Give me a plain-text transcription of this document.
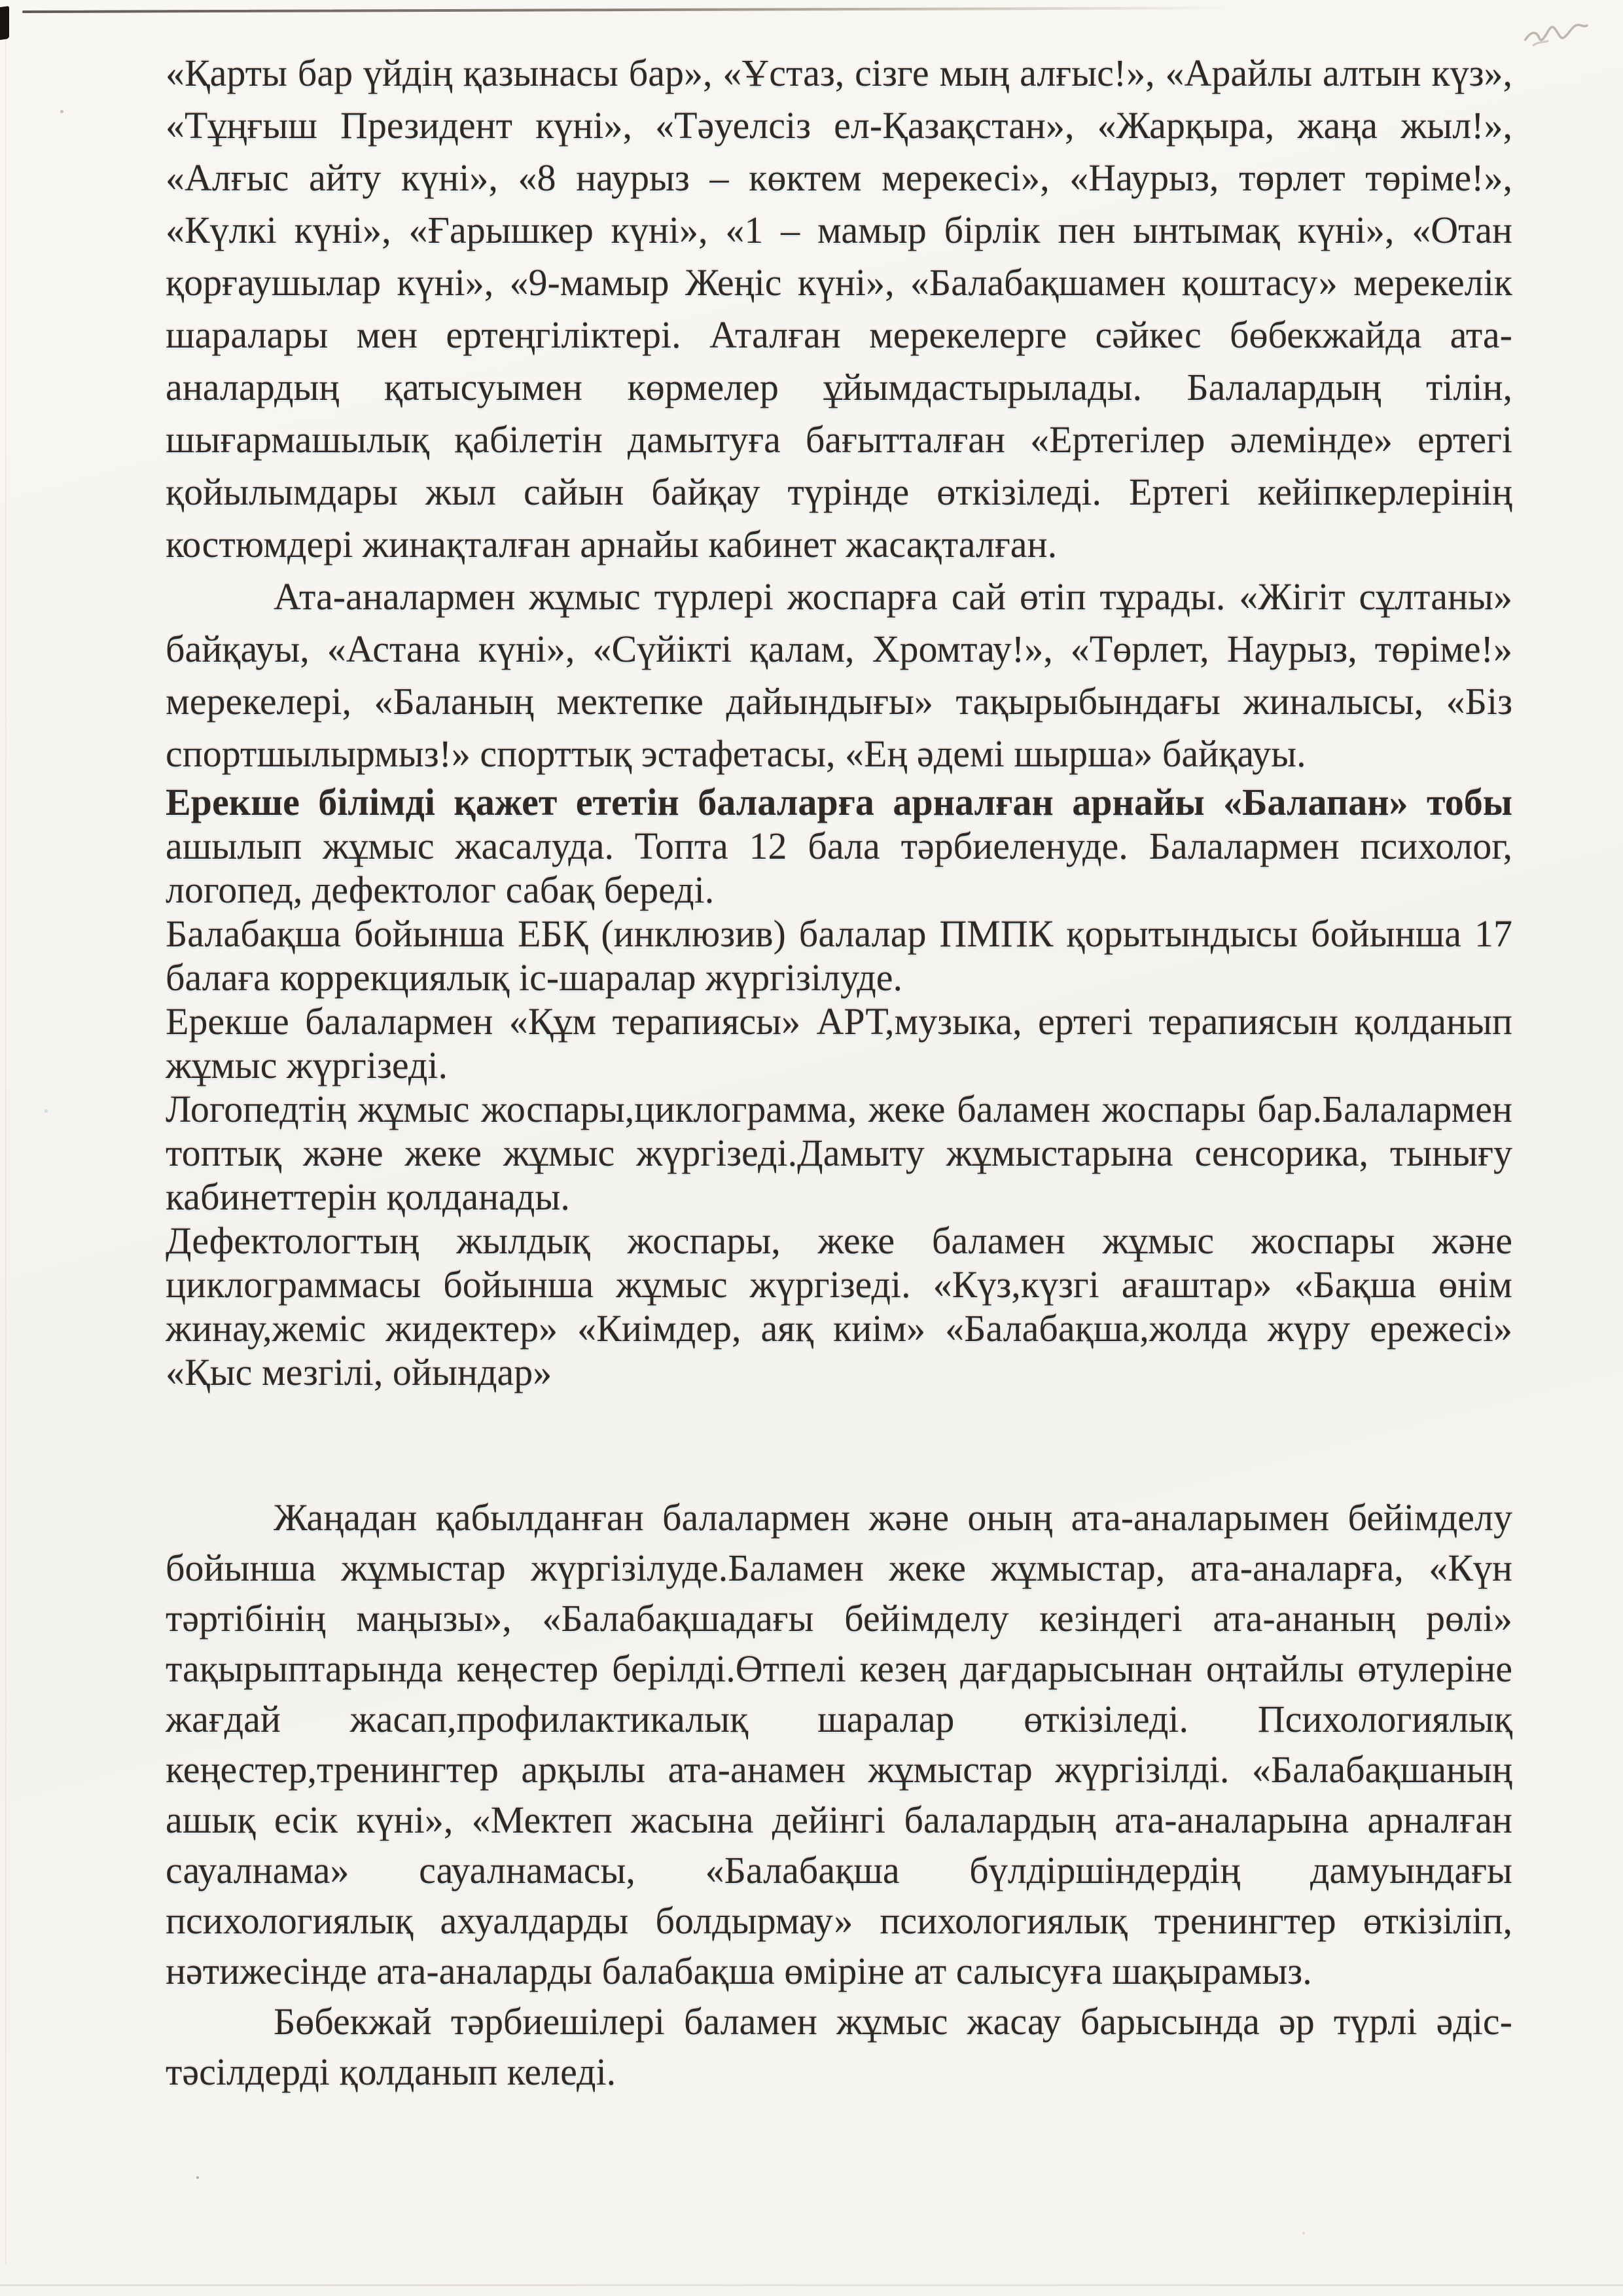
«Қарты бар үйдің қазынасы бар», «Ұстаз, сізге мың алғыс!», «Арайлы алтын күз», «Тұңғыш Президент күні», «Тәуелсіз ел-Қазақстан», «Жарқыра, жаңа жыл!», «Алғыс айту күні», «8 наурыз – көктем мерекесі», «Наурыз, төрлет төріме!», «Күлкі күні», «Ғарышкер күні», «1 – мамыр бірлік пен ынтымақ күні», «Отан қорғаушылар күні», «9-мамыр Жеңіс күні», «Балабақшамен қоштасу» мерекелік шаралары мен ертеңгіліктері. Аталған мерекелерге сәйкес бөбекжайда ата-аналардың қатысуымен көрмелер ұйымдастырылады. Балалардың тілін, шығармашылық қабілетін дамытуға бағытталған «Ертегілер әлемінде» ертегі қойылымдары жыл сайын байқау түрінде өткізіледі. Ертегі кейіпкерлерінің костюмдері жинақталған арнайы кабинет жасақталған.

Ата-аналармен жұмыс түрлері жоспарға сай өтіп тұрады. «Жігіт сұлтаны» байқауы, «Астана күні», «Сүйікті қалам, Хромтау!», «Төрлет, Наурыз, төріме!» мерекелері, «Баланың мектепке дайындығы» тақырыбындағы жиналысы, «Біз спортшылырмыз!» спорттық эстафетасы, «Ең әдемі шырша» байқауы.

Ерекше білімді қажет ететін балаларға арналған арнайы «Балапан» тобы ашылып жұмыс жасалуда. Топта 12 бала тәрбиеленуде. Балалармен психолог, логопед, дефектолог сабақ береді.

Балабақша бойынша ЕБҚ (инклюзив) балалар ПМПК қорытындысы бойынша 17 балаға коррекциялық іс-шаралар жүргізілуде.

Ерекше балалармен «Құм терапиясы» АРТ,музыка, ертегі терапиясын қолданып жұмыс жүргізеді.

Логопедтің жұмыс жоспары,циклограмма, жеке баламен жоспары бар.Балалармен топтық және жеке жұмыс жүргізеді.Дамыту жұмыстарына сенсорика, тынығу кабинеттерін қолданады.

Дефектологтың жылдық жоспары, жеке баламен жұмыс жоспары және циклограммасы бойынша жұмыс жүргізеді. «Күз,күзгі ағаштар» «Бақша өнім жинау,жеміс жидектер» «Киімдер, аяқ киім» «Балабақша,жолда жүру ережесі» «Қыс мезгілі, ойындар»

Жаңадан қабылданған балалармен және оның ата-аналарымен бейімделу бойынша жұмыстар жүргізілуде.Баламен жеке жұмыстар, ата-аналарға, «Күн тәртібінің маңызы», «Балабақшадағы бейімделу кезіндегі ата-ананың рөлі» тақырыптарында кеңестер берілді.Өтпелі кезең дағдарысынан оңтайлы өтулеріне жағдай жасап,профилактикалық шаралар өткізіледі. Психологиялық кеңестер,тренингтер арқылы ата-анамен жұмыстар жүргізілді. «Балабақшаның ашық есік күні», «Мектеп жасына дейінгі балалардың ата-аналарына арналған сауалнама» сауалнамасы, «Балабақша бүлдіршіндердің дамуындағы психологиялық ахуалдарды болдырмау» психологиялық тренингтер өткізіліп, нәтижесінде ата-аналарды балабақша өміріне ат салысуға шақырамыз.

Бөбекжай тәрбиешілері баламен жұмыс жасау барысында әр түрлі әдіс-тәсілдерді қолданып келеді.
